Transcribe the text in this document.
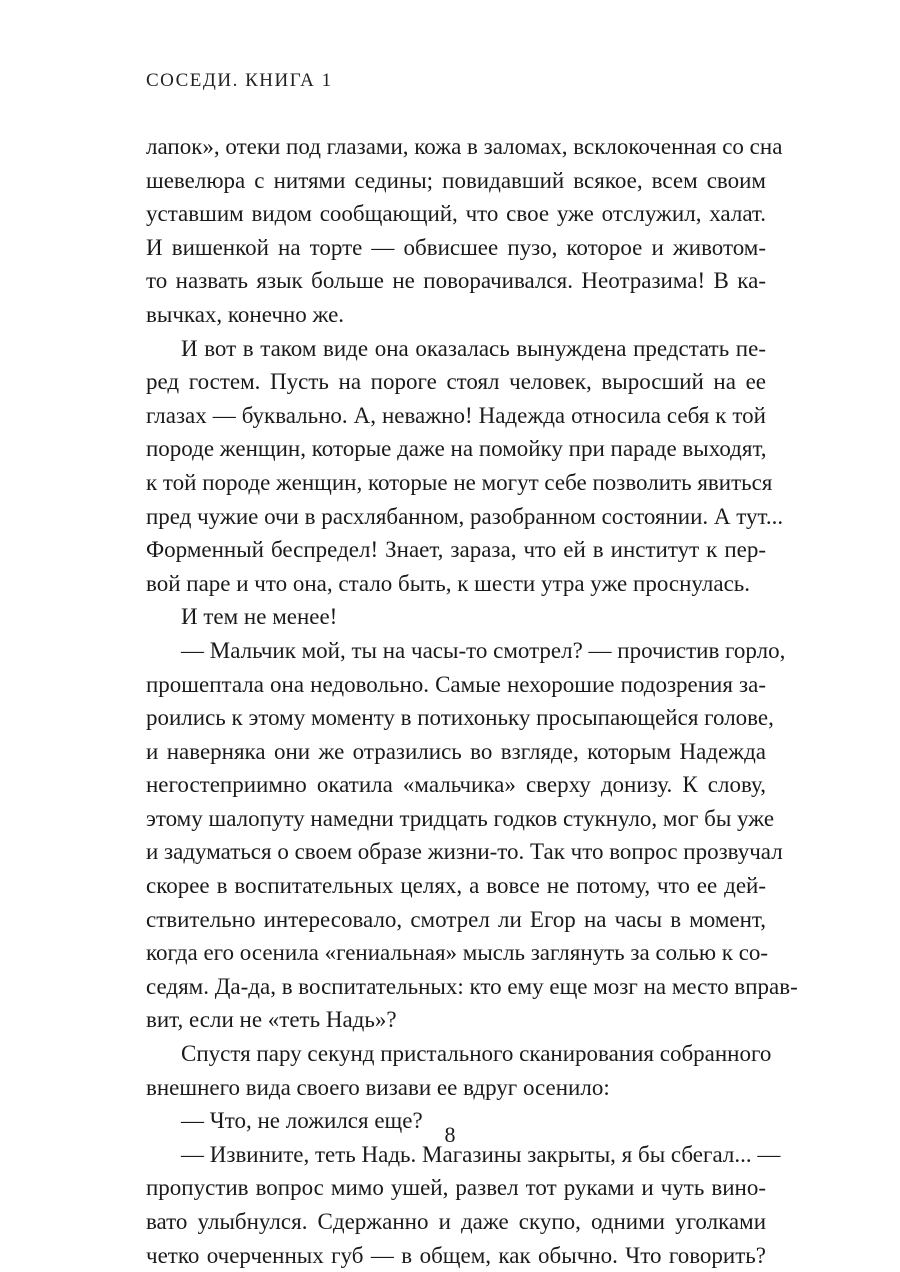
СОСЕДИ. КНИГА 1
лапок», отеки под глазами, кожа в заломах, всклокоченная со сна
шевелюра с нитями седины; повидавший всякое, всем своим
уставшим видом сообщающий, что свое уже отслужил, халат.
И вишенкой на торте — обвисшее пузо, которое и животом-
то назвать язык больше не поворачивался. Неотразима! В ка-
вычках, конечно же.
И вот в таком виде она оказалась вынуждена предстать пе-
ред гостем. Пусть на пороге стоял человек, выросший на ее
глазах — буквально. А, неважно! Надежда относила себя к той
породе женщин, которые даже на помойку при параде выходят,
к той породе женщин, которые не могут себе позволить явиться
пред чужие очи в расхлябанном, разобранном состоянии. А тут...
Форменный беспредел! Знает, зараза, что ей в институт к пер-
вой паре и что она, стало быть, к шести утра уже проснулась.
И тем не менее!
— Мальчик мой, ты на часы-то смотрел? — прочистив горло,
прошептала она недовольно. Самые нехорошие подозрения за-
роились к этому моменту в потихоньку просыпающейся голове,
и наверняка они же отразились во взгляде, которым Надежда
негостеприимно окатила «мальчика» сверху донизу. К слову,
этому шалопуту намедни тридцать годков стукнуло, мог бы уже
и задуматься о своем образе жизни-то. Так что вопрос прозвучал
скорее в воспитательных целях, а вовсе не потому, что ее дей-
ствительно интересовало, смотрел ли Егор на часы в момент,
когда его осенила «гениальная» мысль заглянуть за солью к со-
седям. Да-да, в воспитательных: кто ему еще мозг на место вправ-
вит, если не «теть Надь»?
Спустя пару секунд пристального сканирования собранного
внешнего вида своего визави ее вдруг осенило:
— Что, не ложился еще?
— Извините, теть Надь. Магазины закрыты, я бы сбегал... —
пропустив вопрос мимо ушей, развел тот руками и чуть вино-
вато улыбнулся. Сдержанно и даже скупо, одними уголками
четко очерченных губ — в общем, как обычно. Что говорить?
8
